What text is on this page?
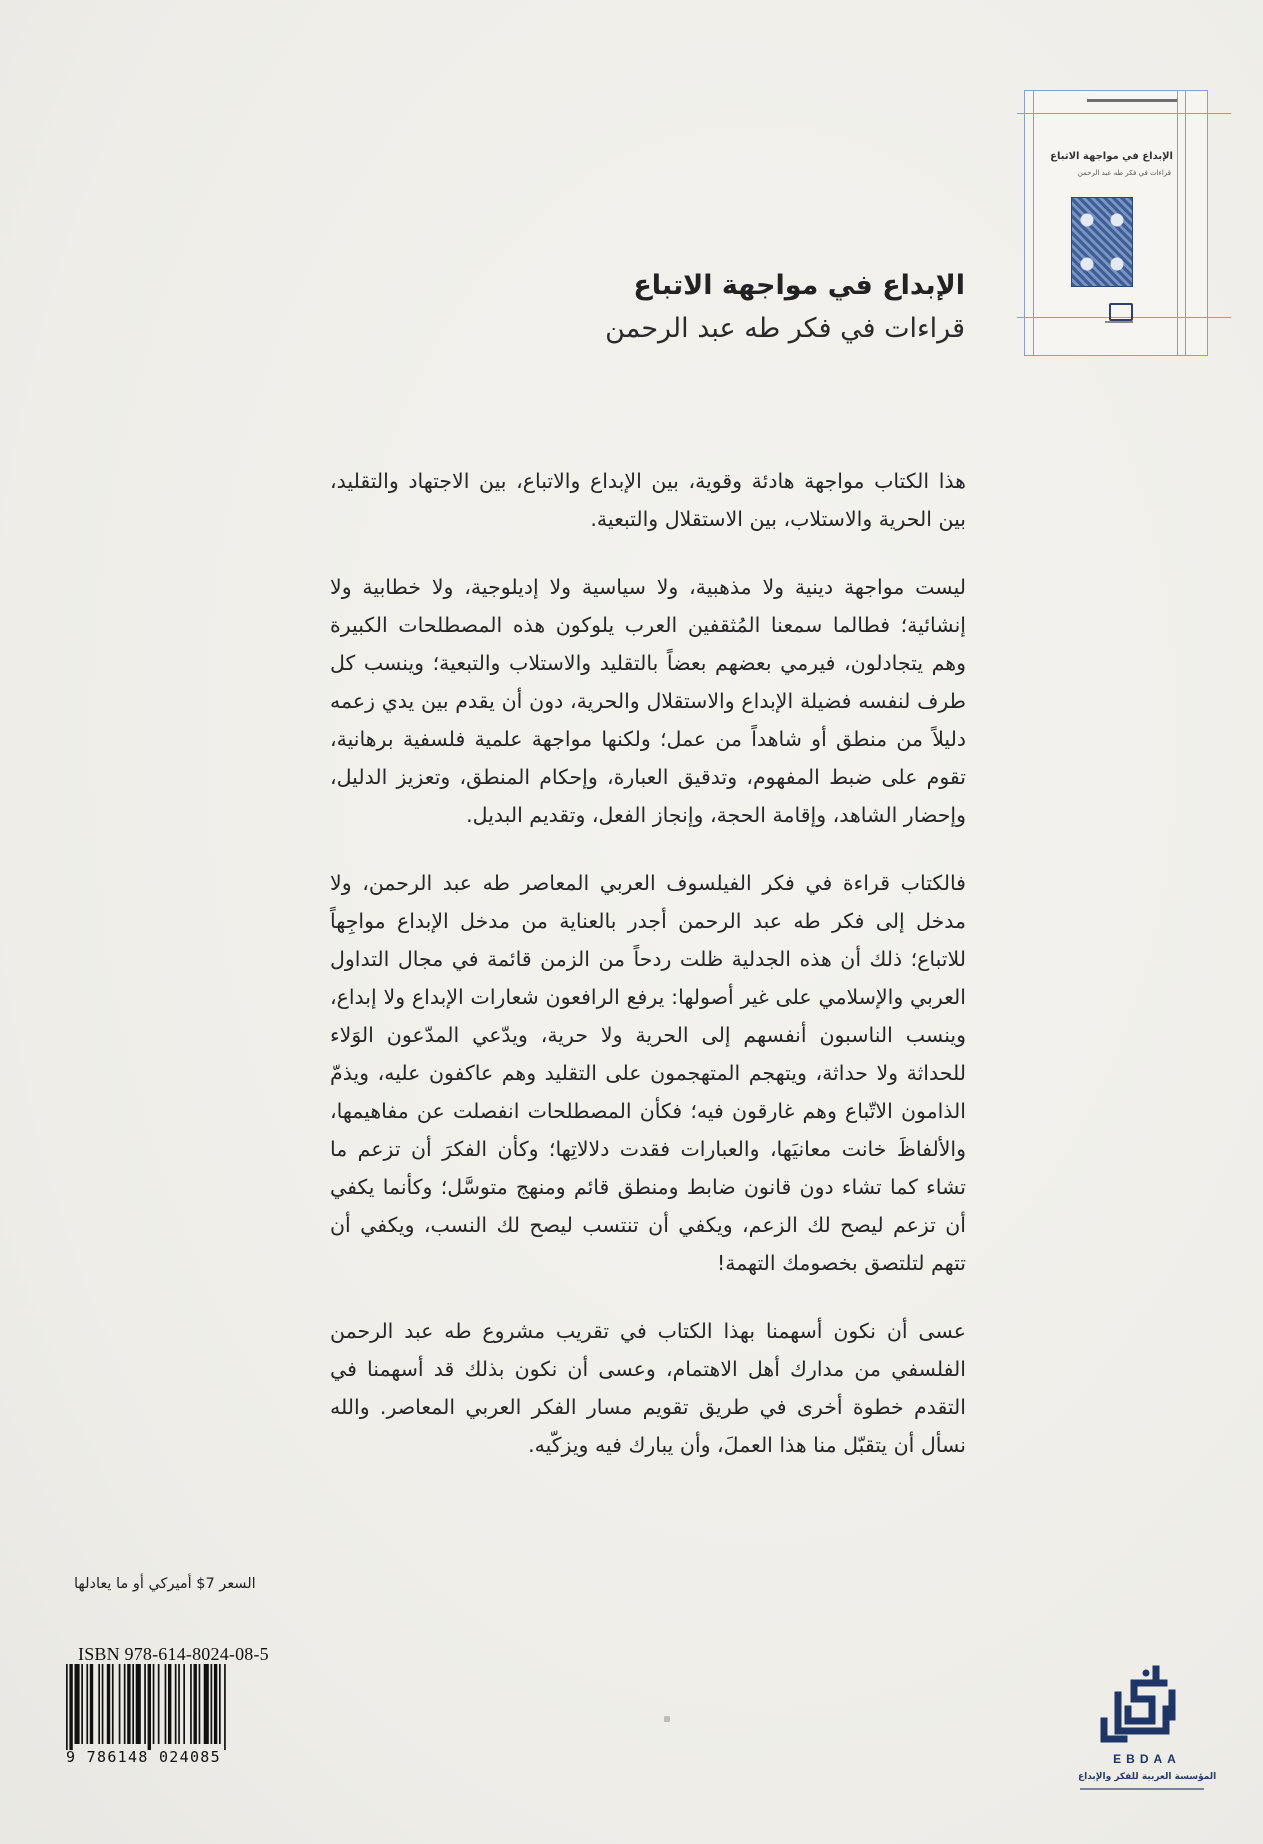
الإبداع في مواجهة الاتباع
قراءات في فكر طه عبد الرحمن
الإبداع في مواجهة الاتباع
قراءات في فكر طه عبد الرحمن

هذا الكتاب مواجهة هادئة وقوية، بين الإبداع والاتباع، بين الاجتهاد والتقليد، بين الحرية والاستلاب، بين الاستقلال والتبعية.

ليست مواجهة دينية ولا مذهبية، ولا سياسية ولا إديلوجية، ولا خطابية ولا إنشائية؛ فطالما سمعنا المُثقفين العرب يلوكون هذه المصطلحات الكبيرة وهم يتجادلون، فيرمي بعضهم بعضاً بالتقليد والاستلاب والتبعية؛ وينسب كل طرف لنفسه فضيلة الإبداع والاستقلال والحرية، دون أن يقدم بين يدي زعمه دليلاً من منطق أو شاهداً من عمل؛ ولكنها مواجهة علمية فلسفية برهانية، تقوم على ضبط المفهوم، وتدقيق العبارة، وإحكام المنطق، وتعزيز الدليل، وإحضار الشاهد، وإقامة الحجة، وإنجاز الفعل، وتقديم البديل.

فالكتاب قراءة في فكر الفيلسوف العربي المعاصر طه عبد الرحمن، ولا مدخل إلى فكر طه عبد الرحمن أجدر بالعناية من مدخل الإبداع مواجِهاً للاتباع؛ ذلك أن هذه الجدلية ظلت ردحاً من الزمن قائمة في مجال التداول العربي والإسلامي على غير أصولها: يرفع الرافعون شعارات الإبداع ولا إبداع، وينسب الناسبون أنفسهم إلى الحرية ولا حرية، ويدّعي المدّعون الوَلاء للحداثة ولا حداثة، ويتهجم المتهجمون على التقليد وهم عاكفون عليه، ويذمّ الذامون الاتّباع وهم غارقون فيه؛ فكأن المصطلحات انفصلت عن مفاهيمها، والألفاظَ خانت معانيَها، والعبارات فقدت دلالاتِها؛ وكأن الفكرَ أن تزعم ما تشاء كما تشاء دون قانون ضابط ومنطق قائم ومنهج متوسَّل؛ وكأنما يكفي أن تزعم ليصح لك الزعم، ويكفي أن تنتسب ليصح لك النسب، ويكفي أن تتهم لتلتصق بخصومك التهمة!

عسى أن نكون أسهمنا بهذا الكتاب في تقريب مشروع طه عبد الرحمن الفلسفي من مدارك أهل الاهتمام، وعسى أن نكون بذلك قد أسهمنا في التقدم خطوة أخرى في طريق تقويم مسار الفكر العربي المعاصر. والله نسأل أن يتقبّل منا هذا العملَ، وأن يبارك فيه ويزكّيه.

السعر 7$ أميركي أو ما يعادلها
ISBN 978-614-8024-08-5
9 786148 024085	EBDAA
المؤسسة العربية للفكر والإبداع
